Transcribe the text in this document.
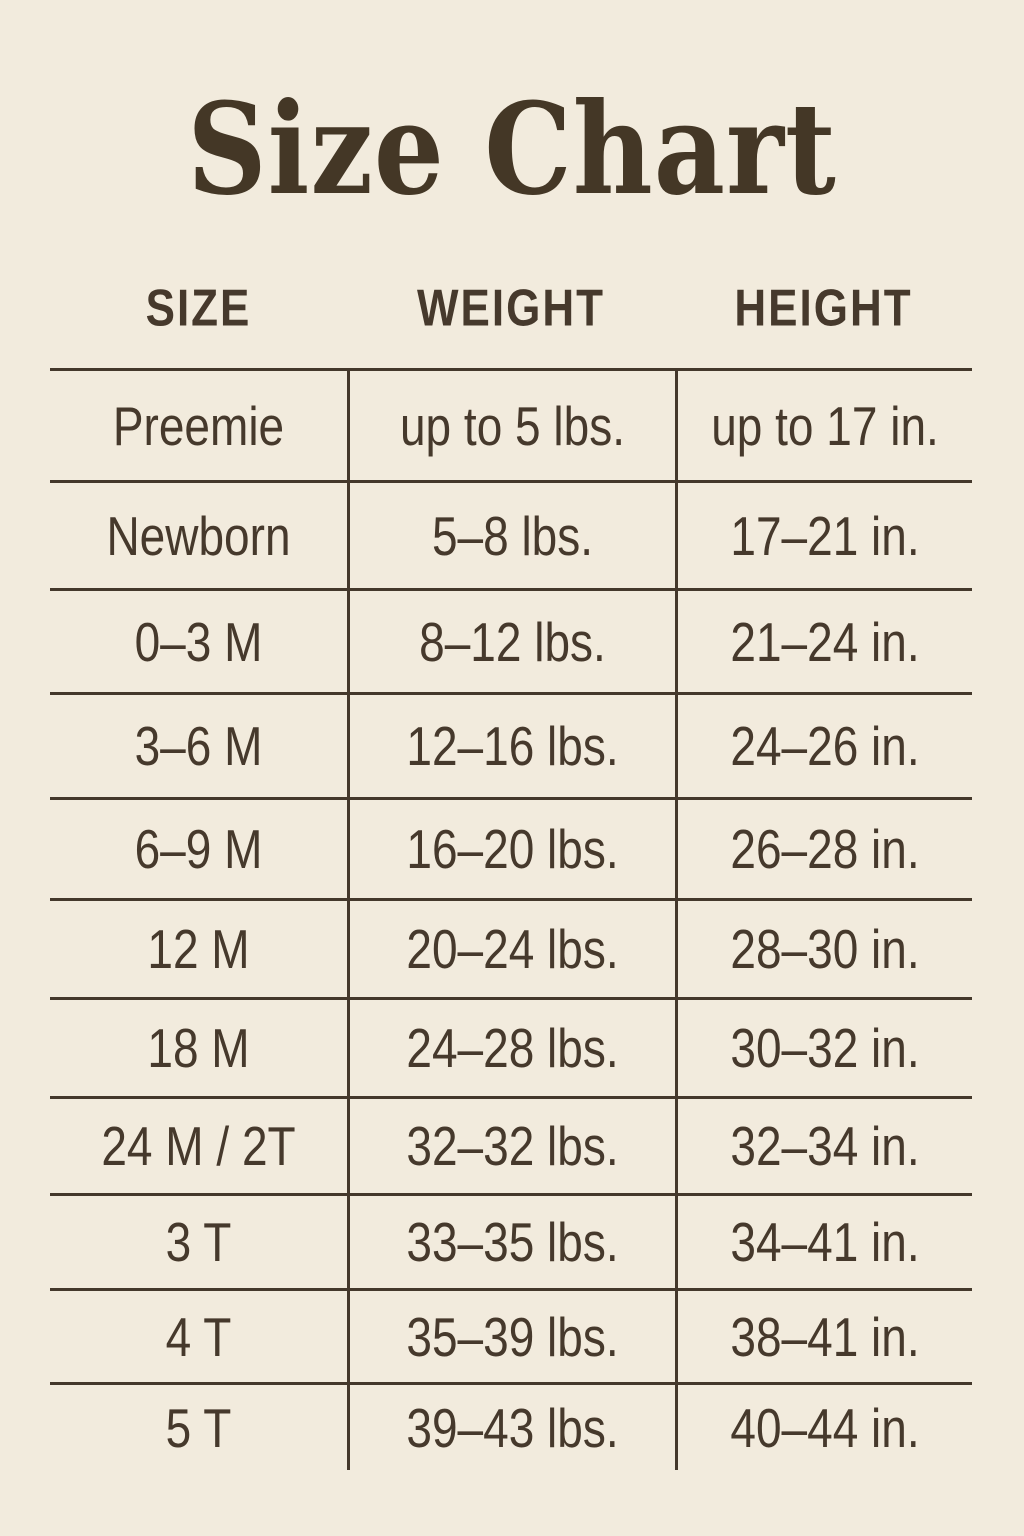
Size Chart
SIZE	WEIGHT	HEIGHT
Preemie	up to 5 lbs. up to 17 in.
Newborn	5–8 lbs.	17–21 in.
0–3 M	8–12 lbs.	21–24 in.
3–6 M	12–16 lbs. 24–26 in.
6–9 M	16–20 lbs. 26–28 in.
12 M	20–24 lbs. 28–30 in.
18 M	24–28 lbs. 30–32 in.
24 M / 2T 32–32 lbs. 32–34 in.
3 T	33–35 lbs. 34–41 in.
4 T	35–39 lbs. 38–41 in.
5 T	39–43 lbs. 40–44 in.
